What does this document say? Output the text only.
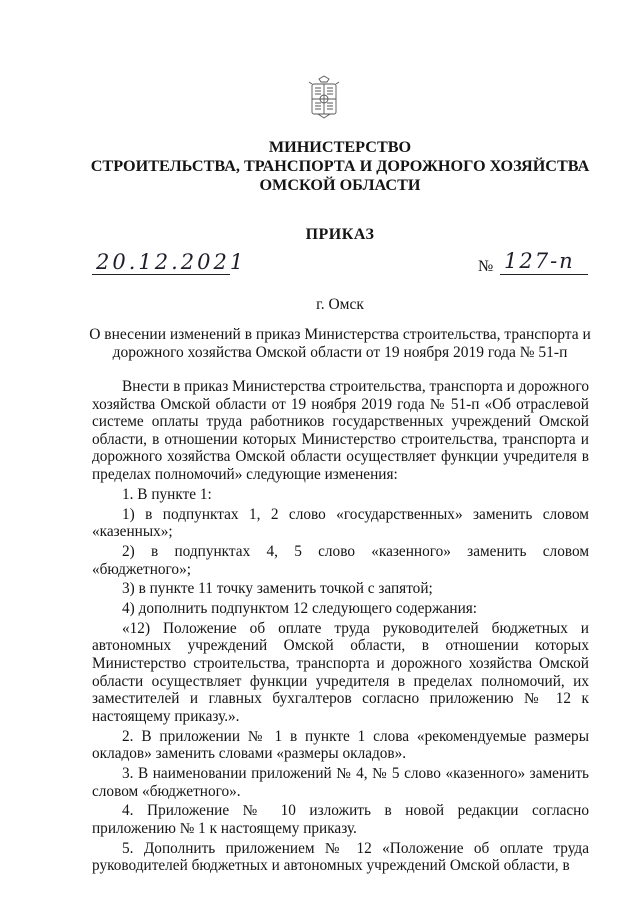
МИНИСТЕРСТВО
СТРОИТЕЛЬСТВА, ТРАНСПОРТА И ДОРОЖНОГО ХОЗЯЙСТВА
ОМСКОЙ ОБЛАСТИ
ПРИКАЗ
20.12.2021	№ 127-п
г. Омск
О внесении изменений в приказ Министерства строительства, транспорта и
дорожного хозяйства Омской области от 19 ноября 2019 года № 51-п

Внести в приказ Министерства строительства, транспорта и дорожного хозяйства Омской области от 19 ноября 2019 года № 51-п «Об отраслевой системе оплаты труда работников государственных учреждений Омской области, в отношении которых Министерство строительства, транспорта и дорожного хозяйства Омской области осуществляет функции учредителя в пределах полномочий» следующие изменения:

1. В пункте 1:

1) в подпунктах 1, 2 слово «государственных» заменить словом «казенных»;

2) в подпунктах 4, 5 слово «казенного» заменить словом «бюджетного»;

3) в пункте 11 точку заменить точкой с запятой;

4) дополнить подпунктом 12 следующего содержания:

«12) Положение об оплате труда руководителей бюджетных и автономных учреждений Омской области, в отношении которых Министерство строительства, транспорта и дорожного хозяйства Омской области осуществляет функции учредителя в пределах полномочий, их заместителей и главных бухгалтеров согласно приложению № 12 к настоящему приказу.».

2. В приложении № 1 в пункте 1 слова «рекомендуемые размеры окладов» заменить словами «размеры окладов».

3. В наименовании приложений № 4, № 5 слово «казенного» заменить словом «бюджетного».

4. Приложение № 10 изложить в новой редакции согласно приложению № 1 к настоящему приказу.

5. Дополнить приложением № 12 «Положение об оплате труда руководителей бюджетных и автономных учреждений Омской области, в
